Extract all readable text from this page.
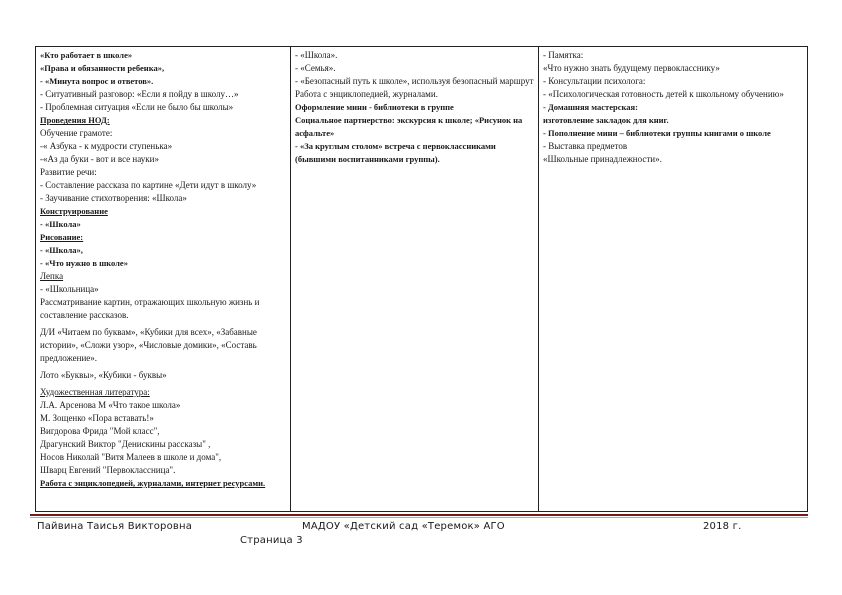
«Кто работает в школе»
«Права и обязанности ребенка»,
- «Минута вопрос и ответов».
- Ситуативный разговор: «Если я пойду в школу…»
- Проблемная ситуация «Если не было бы школы»
Проведения НОД:
Обучение грамоте:
-« Азбука - к мудрости ступенька»
-«Аз да буки - вот и все науки»
Развитие речи:
- Составление рассказа по картине «Дети идут в школу»
- Заучивание стихотворения: «Школа»
Конструирование
- «Школа»
Рисование:
- «Школа»,
- «Что нужно в школе»
Лепка
- «Школьница»
Рассматривание картин, отражающих школьную жизнь и составление рассказов.
Д/И «Читаем по буквам», «Кубики для всех», «Забавные истории», «Сложи узор», «Числовые домики», «Составь предложение».
Лото «Буквы», «Кубики - буквы»
Художественная литература:
Л.А. Арсенова М «Что такое школа»
М. Зощенко «Пора вставать!»
Вигдорова Фрида "Мой класс",
Драгунский Виктор "Денискины рассказы" ,
Носов Николай "Витя Малеев в школе и дома",
Шварц Евгений "Первоклассница".
Работа с энциклопедией, журналами, интернет ресурсами.
- «Школа».
- «Семья».
- «Безопасный путь к школе», используя безопасный маршрут
Работа с энциклопедией, журналами.
Оформление мини - библиотеки в группе
Социальное партнерство: экскурсия к школе; «Рисунок на асфальте»
- «За круглым столом» встреча с первоклассниками (бывшими воспитанниками группы).
- Памятка:
«Что нужно знать будущему первокласснику»
- Консультации психолога:
- «Психологическая готовность детей к школьному обучению»
- Домашняя мастерская:
изготовление закладок для книг.
- Пополнение мини – библиотеки группы книгами о школе
- Выставка предметов
«Школьные принадлежности».
Пайвина Таисья Викторовна	МАДОУ «Детский сад «Теремок» АГО	2018 г.
Страница 3
